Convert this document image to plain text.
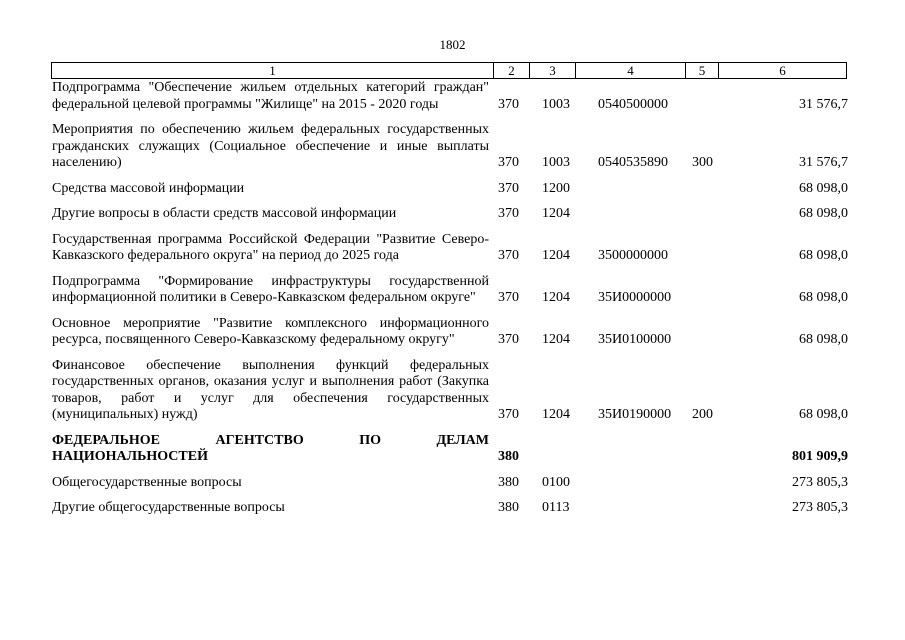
1802
1	2	3	4	5	6
Подпрограмма "Обеспечение жильем отдельных категорий граждан" федеральной целевой программы "Жилище" на 2015 - 2020 годы	370 1003 0540500000	31 576,7
Мероприятия по обеспечению жильем федеральных государственных гражданских служащих (Социальное обеспечение и иные выплаты населению)	370 1003 0540535890 300	31 576,7
Средства массовой информации	370 1200	68 098,0
Другие вопросы в области средств массовой информации	370 1204	68 098,0
Государственная программа Российской Федерации "Развитие Северо-Кавказского федерального округа" на период до 2025 года	370 1204 3500000000	68 098,0
Подпрограмма "Формирование инфраструктуры государственной информационной политики в Северо-Кавказском федеральном округе"	370 1204 35И0000000	68 098,0
Основное мероприятие "Развитие комплексного информационного ресурса, посвященного Северо-Кавказскому федеральному округу"	370 1204 35И0100000	68 098,0
Финансовое обеспечение выполнения функций федеральных государственных органов, оказания услуг и выполнения работ (Закупка товаров, работ и услуг для обеспечения государственных (муниципальных) нужд)	370 1204 35И0190000 200	68 098,0
ФЕДЕРАЛЬНОЕ АГЕНТСТВО ПО ДЕЛАМ НАЦИОНАЛЬНОСТЕЙ	380	801 909,9
Общегосударственные вопросы	380 0100	273 805,3
Другие общегосударственные вопросы	380 0113	273 805,3
